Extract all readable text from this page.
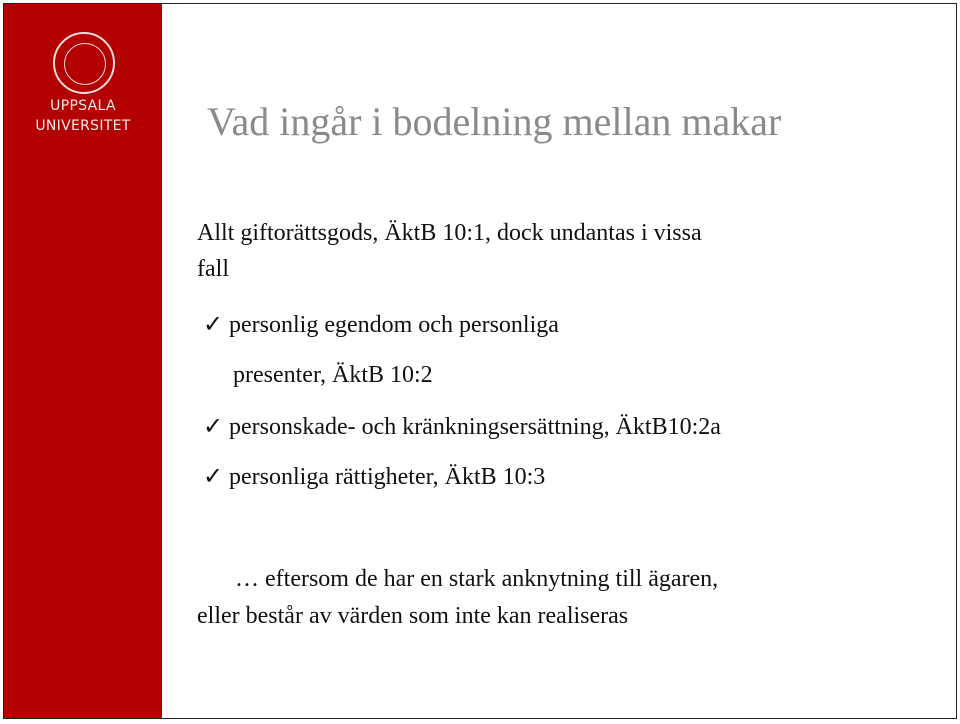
UPPSALA
UNIVERSITET	Vad ingår i bodelning mellan makar
Allt giftorättsgods, ÄktB 10:1, dock undantas i vissa
fall
✓ personlig egendom och personliga
presenter, ÄktB 10:2
✓ personskade- och kränkningsersättning, ÄktB10:2a
✓ personliga rättigheter, ÄktB 10:3
… eftersom de har en stark anknytning till ägaren,
eller består av värden som inte kan realiseras
